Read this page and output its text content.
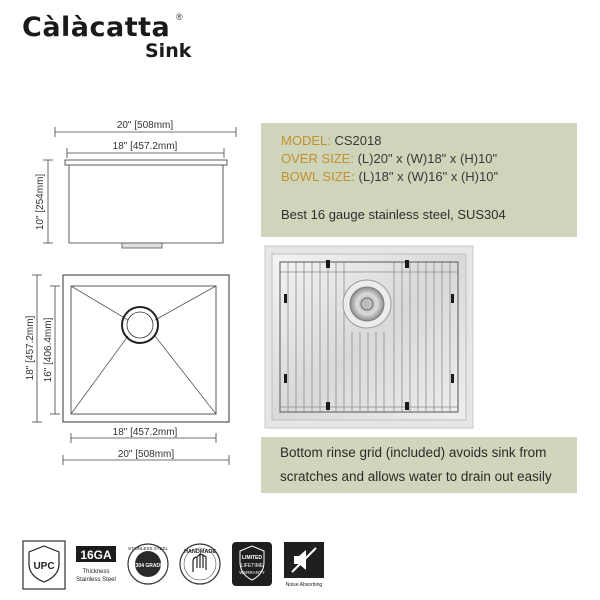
Càlàcatta ®
Sink
20" [508mm]
18" [457.2mm]
10" [254mm]
18" [457.2mm] 16" [406.4mm]
18" [457.2mm]
20" [508mm]
MODEL: CS2018
OVER SIZE: (L)20" x (W)18" x (H)10"
BOWL SIZE: (L)18" x (W)16" x (H)10"
Best 16 gauge stainless steel, SUS304
Bottom rinse grid (included) avoids sink from
scratches and allows water to drain out easily
UPC
16GA
Thickness
Stainless Steel
STAINLESS STEEL
T304 GRADE
HANDMADE
LIMITED
LIFETIME
WARRANTY
Noise Absorbing
